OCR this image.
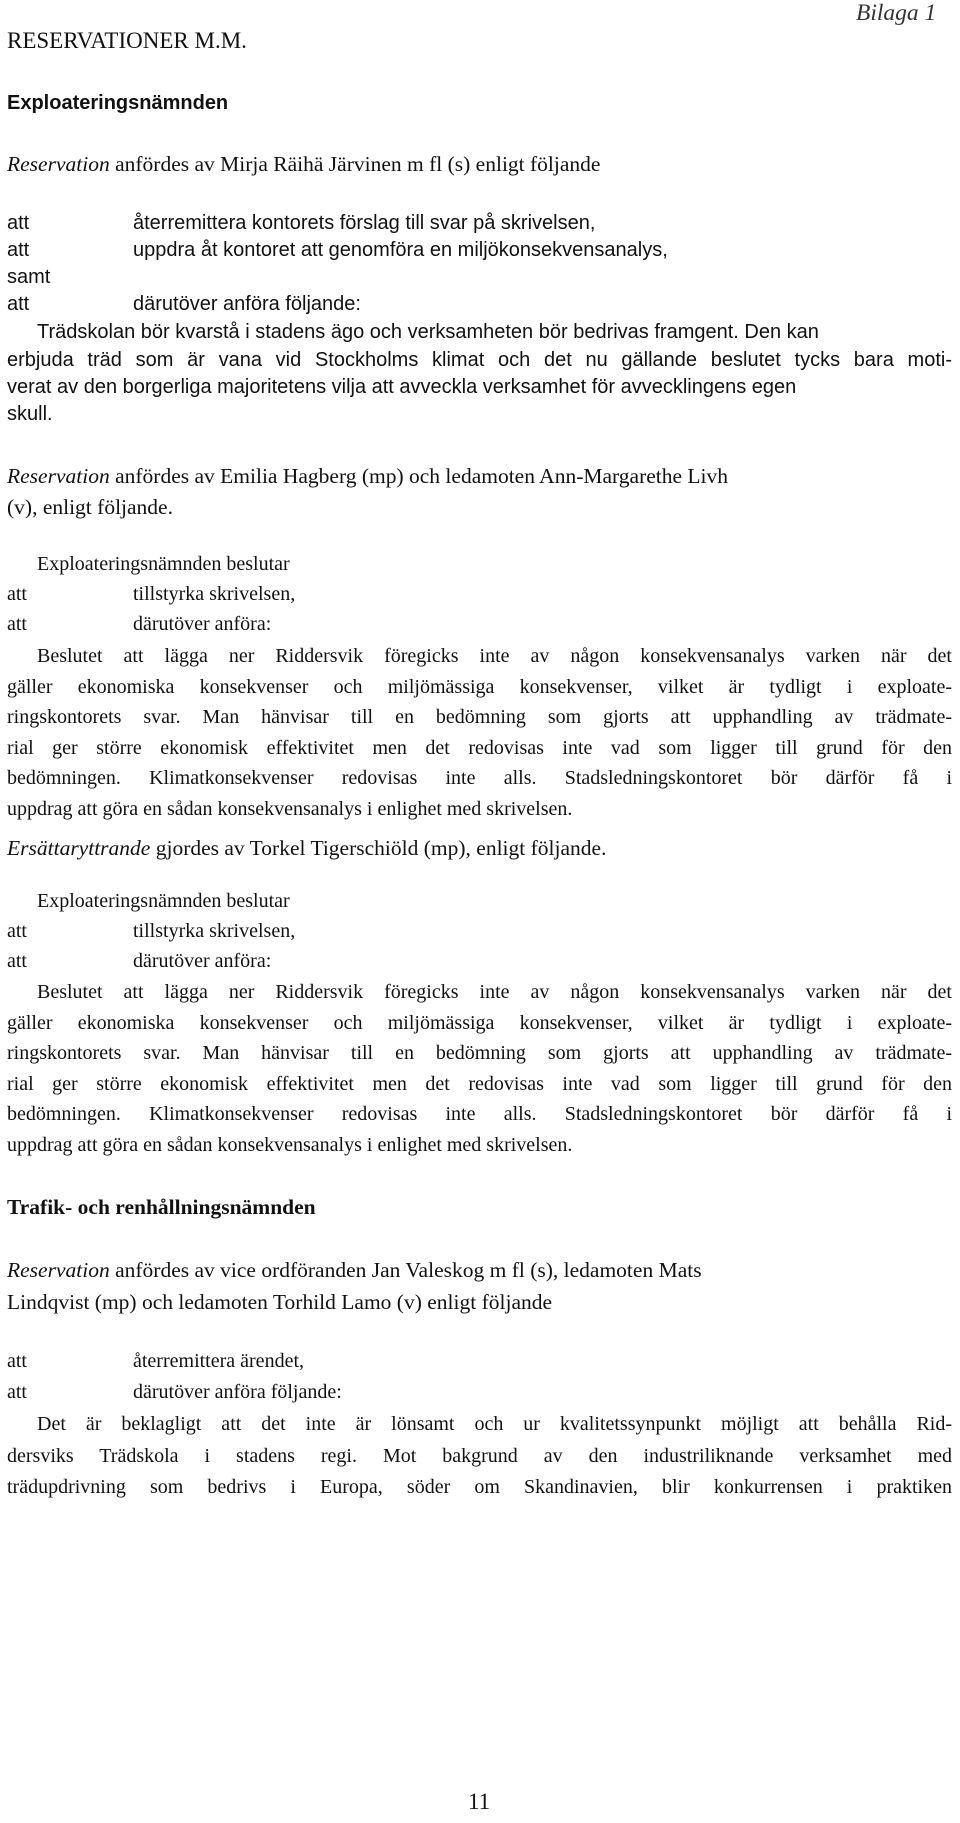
RESERVATIONER M.M.
Bilaga 1
Exploateringsnämnden
Reservation anfördes av Mirja Räihä Järvinen m fl (s) enligt följande
att	återremittera kontorets förslag till svar på skrivelsen,
att	uppdra åt kontoret att genomföra en miljökonsekvensanalys,
samt
att	därutöver anföra följande:
Trädskolan bör kvarstå i stadens ägo och verksamheten bör bedrivas framgent. Den kan
erbjuda träd som är vana vid Stockholms klimat och det nu gällande beslutet tycks bara moti-
verat av den borgerliga majoritetens vilja att avveckla verksamhet för avvecklingens egen
skull.
Reservation anfördes av Emilia Hagberg (mp) och ledamoten Ann-Margarethe Livh
(v), enligt följande.
Exploateringsnämnden beslutar
att	tillstyrka skrivelsen,
att	därutöver anföra:
Beslutet att lägga ner Riddersvik föregicks inte av någon konsekvensanalys varken när det
gäller ekonomiska konsekvenser och miljömässiga konsekvenser, vilket är tydligt i exploate-
ringskontorets svar. Man hänvisar till en bedömning som gjorts att upphandling av trädmate-
rial ger större ekonomisk effektivitet men det redovisas inte vad som ligger till grund för den
bedömningen. Klimatkonsekvenser redovisas inte alls. Stadsledningskontoret bör därför få i
uppdrag att göra en sådan konsekvensanalys i enlighet med skrivelsen.
Ersättaryttrande gjordes av Torkel Tigerschiöld (mp), enligt följande.
Exploateringsnämnden beslutar
att	tillstyrka skrivelsen,
att	därutöver anföra:
Beslutet att lägga ner Riddersvik föregicks inte av någon konsekvensanalys varken när det
gäller ekonomiska konsekvenser och miljömässiga konsekvenser, vilket är tydligt i exploate-
ringskontorets svar. Man hänvisar till en bedömning som gjorts att upphandling av trädmate-
rial ger större ekonomisk effektivitet men det redovisas inte vad som ligger till grund för den
bedömningen. Klimatkonsekvenser redovisas inte alls. Stadsledningskontoret bör därför få i
uppdrag att göra en sådan konsekvensanalys i enlighet med skrivelsen.
Trafik- och renhållningsnämnden
Reservation anfördes av vice ordföranden Jan Valeskog m fl (s), ledamoten Mats
Lindqvist (mp) och ledamoten Torhild Lamo (v) enligt följande
att	återremittera ärendet,
att	därutöver anföra följande:
Det är beklagligt att det inte är lönsamt och ur kvalitetssynpunkt möjligt att behålla Rid-
dersviks Trädskola i stadens regi. Mot bakgrund av den industriliknande verksamhet med
trädupdrivning som bedrivs i Europa, söder om Skandinavien, blir konkurrensen i praktiken
11
